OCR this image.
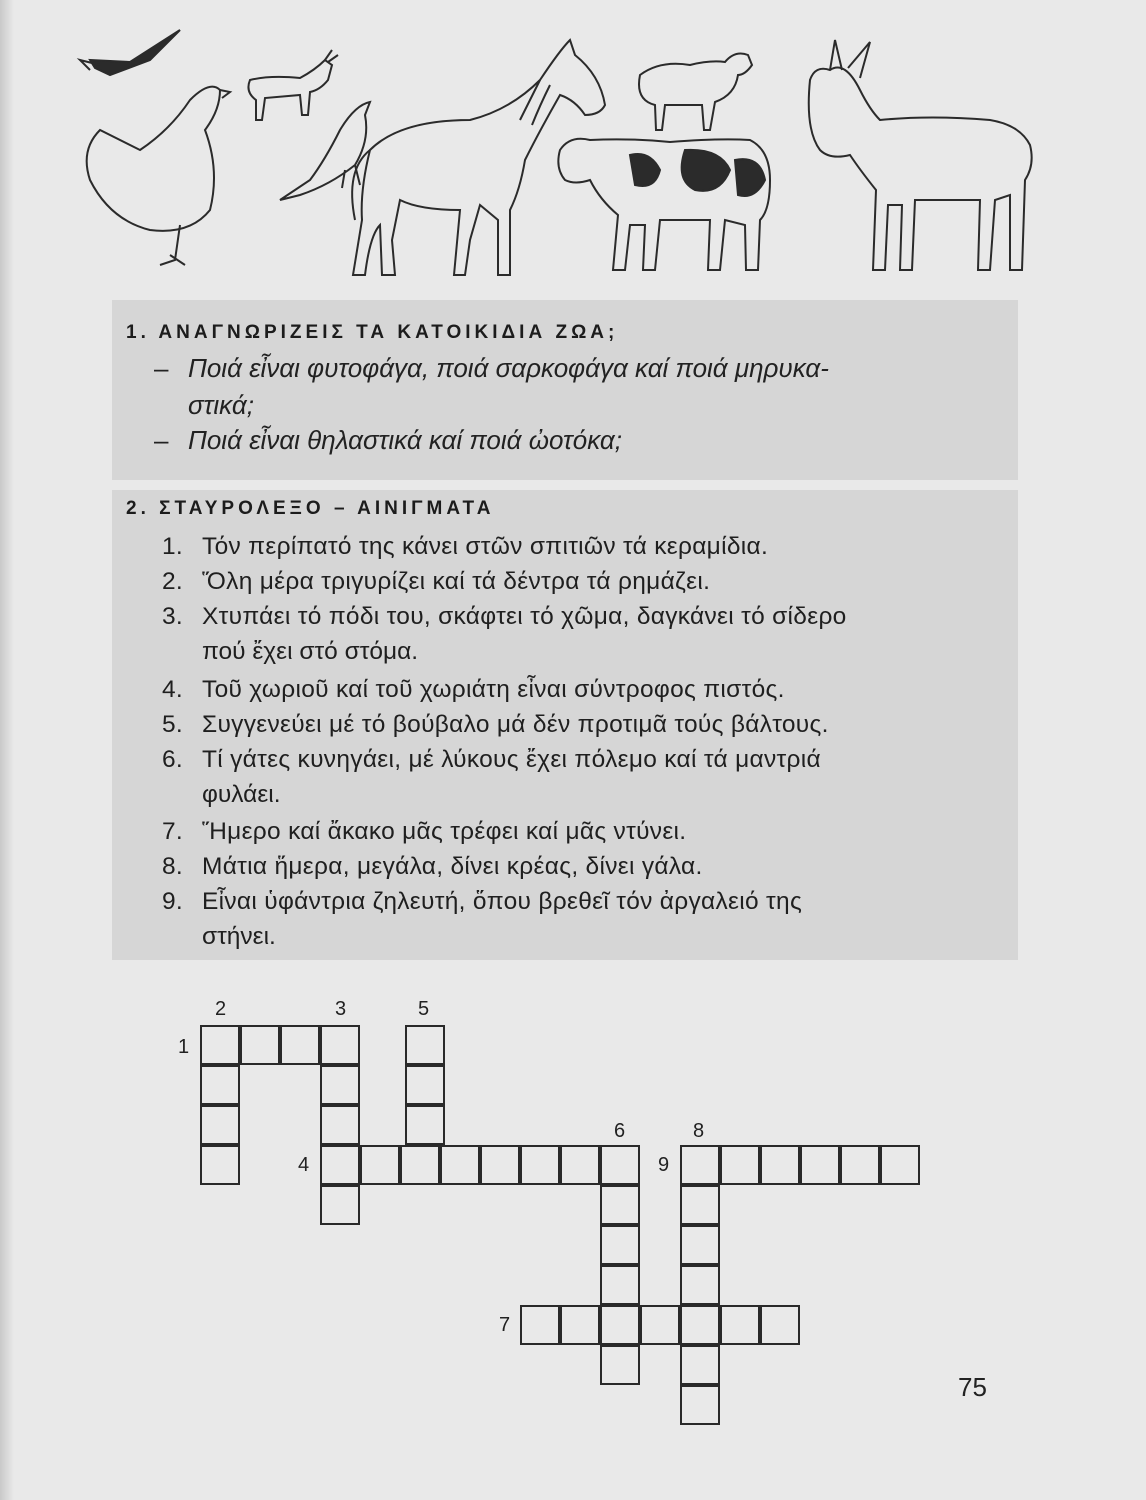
1. ΑΝΑΓΝΩΡΙΖΕΙΣ ΤΑ ΚΑΤΟΙΚΙΔΙΑ ΖΩΑ;
– Ποιά εἶναι φυτοφάγα, ποιά σαρκοφάγα καί ποιά μηρυκα-
στικά;
– Ποιά εἶναι θηλαστικά καί ποιά ὠοτόκα;
2. ΣΤΑΥΡΟΛΕΞΟ – ΑΙΝΙΓΜΑΤΑ
1. Τόν περίπατό της κάνει στῶν σπιτιῶν τά κεραμίδια.
2. Ὅλη μέρα τριγυρίζει καί τά δέντρα τά ρημάζει.
3. Χτυπάει τό πόδι του, σκάφτει τό χῶμα, δαγκάνει τό σίδερο
πού ἔχει στό στόμα.
4. Τοῦ χωριοῦ καί τοῦ χωριάτη εἶναι σύντροφος πιστός.
5. Συγγενεύει μέ τό βούβαλο μά δέν προτιμᾶ τούς βάλτους.
6. Τί γάτες κυνηγάει, μέ λύκους ἔχει πόλεμο καί τά μαντριά
φυλάει.
7. Ἥμερο καί ἄκακο μᾶς τρέφει καί μᾶς ντύνει.
8. Μάτια ἥμερα, μεγάλα, δίνει κρέας, δίνει γάλα.
9. Εἶναι ὑφάντρια ζηλευτή, ὅπου βρεθεῖ τόν ἀργαλειό της
στήνει.
1
2	3	5
4
6	8
9
7
75
